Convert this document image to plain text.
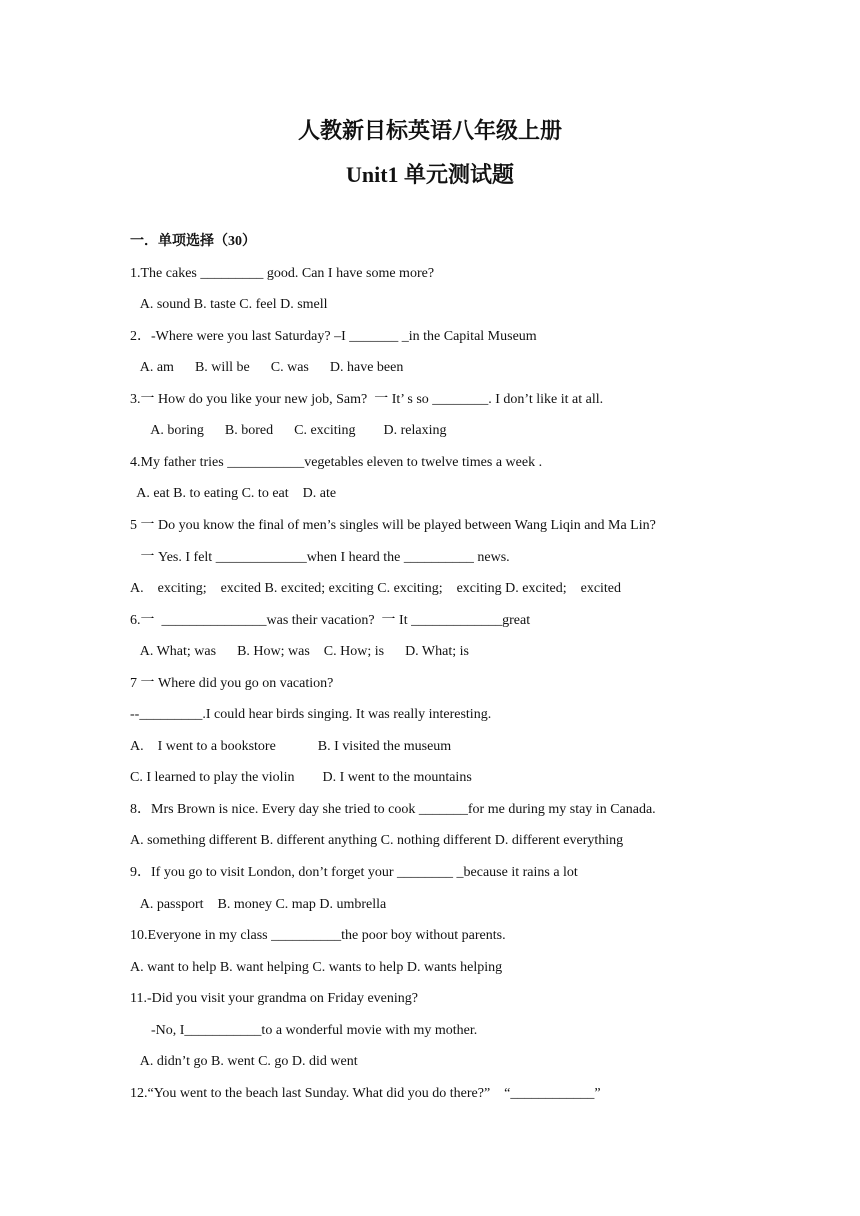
人教新目标英语八年级上册
Unit1 单元测试题
一．单项选择（30）
1.The cakes _________ good. Can I have some more?
A. sound B. taste C. feel D. smell
2．-Where were you last Saturday? –I _______ _in the Capital Museum
A. am      B. will be      C. was      D. have been
3.一 How do you like your new job, Sam?  一 It’ s so ________. I don’t like it at all.
A. boring      B. bored      C. exciting        D. relaxing
4.My father tries ___________vegetables eleven to twelve times a week .
A. eat B. to eating C. to eat    D. ate
5 一 Do you know the final of men’s singles will be played between Wang Liqin and Ma Lin?
一 Yes. I felt _____________when I heard the __________ news.
A.    exciting;    excited B. excited; exciting C. exciting;    exciting D. excited;    excited
6.一  _______________was their vacation?  一 It _____________great
A. What; was      B. How; was    C. How; is      D. What; is
7 一 Where did you go on vacation?
--_________.I could hear birds singing. It was really interesting.
A.    I went to a bookstore            B. I visited the museum
C. I learned to play the violin        D. I went to the mountains
8．Mrs Brown is nice. Every day she tried to cook _______for me during my stay in Canada.
A. something different B. different anything C. nothing different D. different everything
9．If you go to visit London, don’t forget your ________ _because it rains a lot
A. passport    B. money C. map D. umbrella
10.Everyone in my class __________the poor boy without parents.
A. want to help B. want helping C. wants to help D. wants helping
11.-Did you visit your grandma on Friday evening?
-No, I___________to a wonderful movie with my mother.
A. didn’t go B. went C. go D. did went
12.“You went to the beach last Sunday. What did you do there?”    “____________”
